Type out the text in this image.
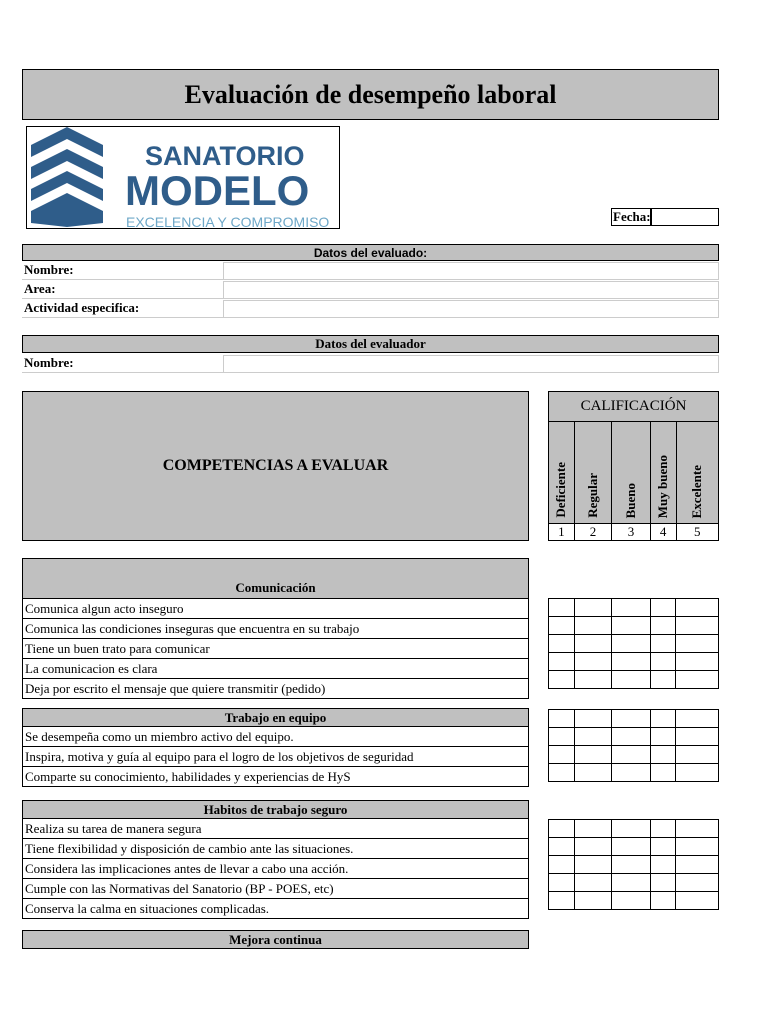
Evaluación de desempeño laboral
SANATORIO
MODELO
EXCELENCIA Y COMPROMISO	Fecha:
Datos del evaluado:
Nombre:
Area:
Actividad especifica:
Datos del evaluador
Nombre:
COMPETENCIAS A EVALUAR
CALIFICACIÓN
Deficiente	Regular	Bueno	Muy bueno	Excelente
1	2	3	4	5
Comunicación
Comunica algun acto inseguro
Comunica las condiciones inseguras que encuentra en su trabajo
Tiene un buen trato para comunicar
La comunicacion es clara
Deja por escrito el mensaje que quiere transmitir (pedido)

Trabajo en equipo
Se desempeña como un miembro activo del equipo.
Inspira, motiva y guía al equipo para el logro de los objetivos de seguridad
Comparte su conocimiento, habilidades y experiencias de HyS

Habitos de trabajo seguro
Realiza su tarea de manera segura
Tiene flexibilidad y disposición de cambio ante las situaciones.
Considera las implicaciones antes de llevar a cabo una acción.
Cumple con las Normativas del Sanatorio (BP - POES, etc)
Conserva la calma en situaciones complicadas.

Mejora continua
